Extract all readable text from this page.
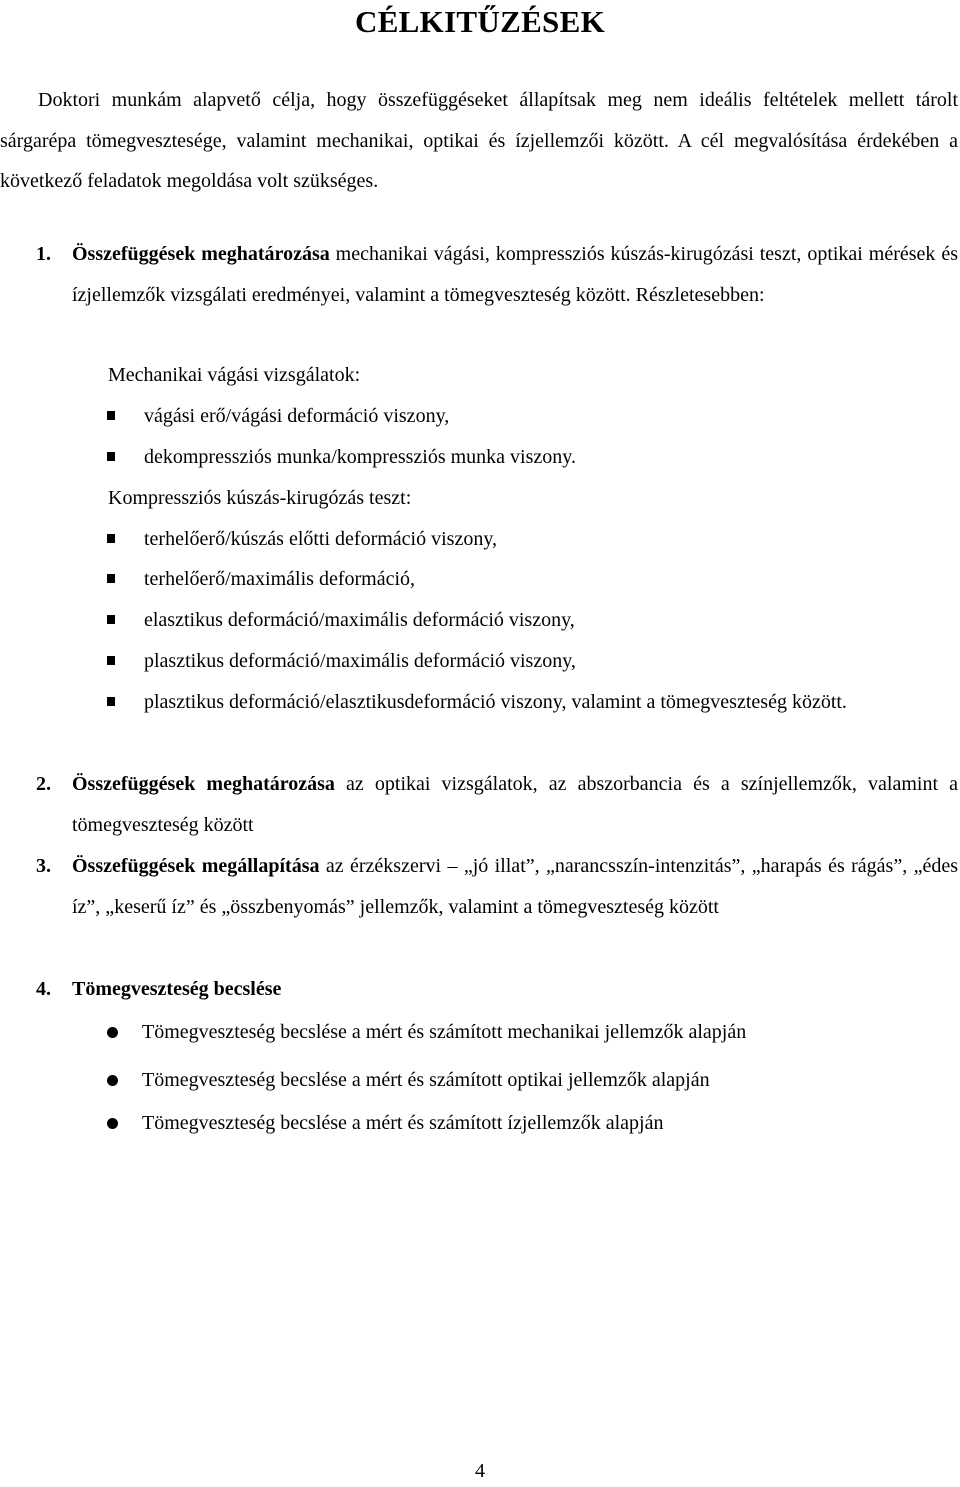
CÉLKITŰZÉSEK

Doktori munkám alapvető célja, hogy összefüggéseket állapítsak meg nem ideális feltételek mellett tárolt sárgarépa tömegvesztesége, valamint mechanikai, optikai és ízjellemzői között. A cél megvalósítása érdekében a következő feladatok megoldása volt szükséges.

1. Összefüggések meghatározása mechanikai vágási, kompressziós kúszás-kirugózási teszt, optikai mérések és ízjellemzők vizsgálati eredményei, valamint a tömegveszteség között. Részletesebben:
Mechanikai vágási vizsgálatok:
vágási erő/vágási deformáció viszony,
dekompressziós munka/kompressziós munka viszony.
Kompressziós kúszás-kirugózás teszt:
terhelőerő/kúszás előtti deformáció viszony,
terhelőerő/maximális deformáció,
elasztikus deformáció/maximális deformáció viszony,
plasztikus deformáció/maximális deformáció viszony,
plasztikus deformáció/elasztikusdeformáció viszony, valamint a tömegveszteség között.
2. Összefüggések meghatározása az optikai vizsgálatok, az abszorbancia és a színjellemzők, valamint a tömegveszteség között
3. Összefüggések megállapítása az érzékszervi – „jó illat”, „narancsszín-intenzitás”, „harapás és rágás”, „édes íz”, „keserű íz” és „összbenyomás” jellemzők, valamint a tömegveszteség között
4. Tömegveszteség becslése
Tömegveszteség becslése a mért és számított mechanikai jellemzők alapján
Tömegveszteség becslése a mért és számított optikai jellemzők alapján
Tömegveszteség becslése a mért és számított ízjellemzők alapján
4
